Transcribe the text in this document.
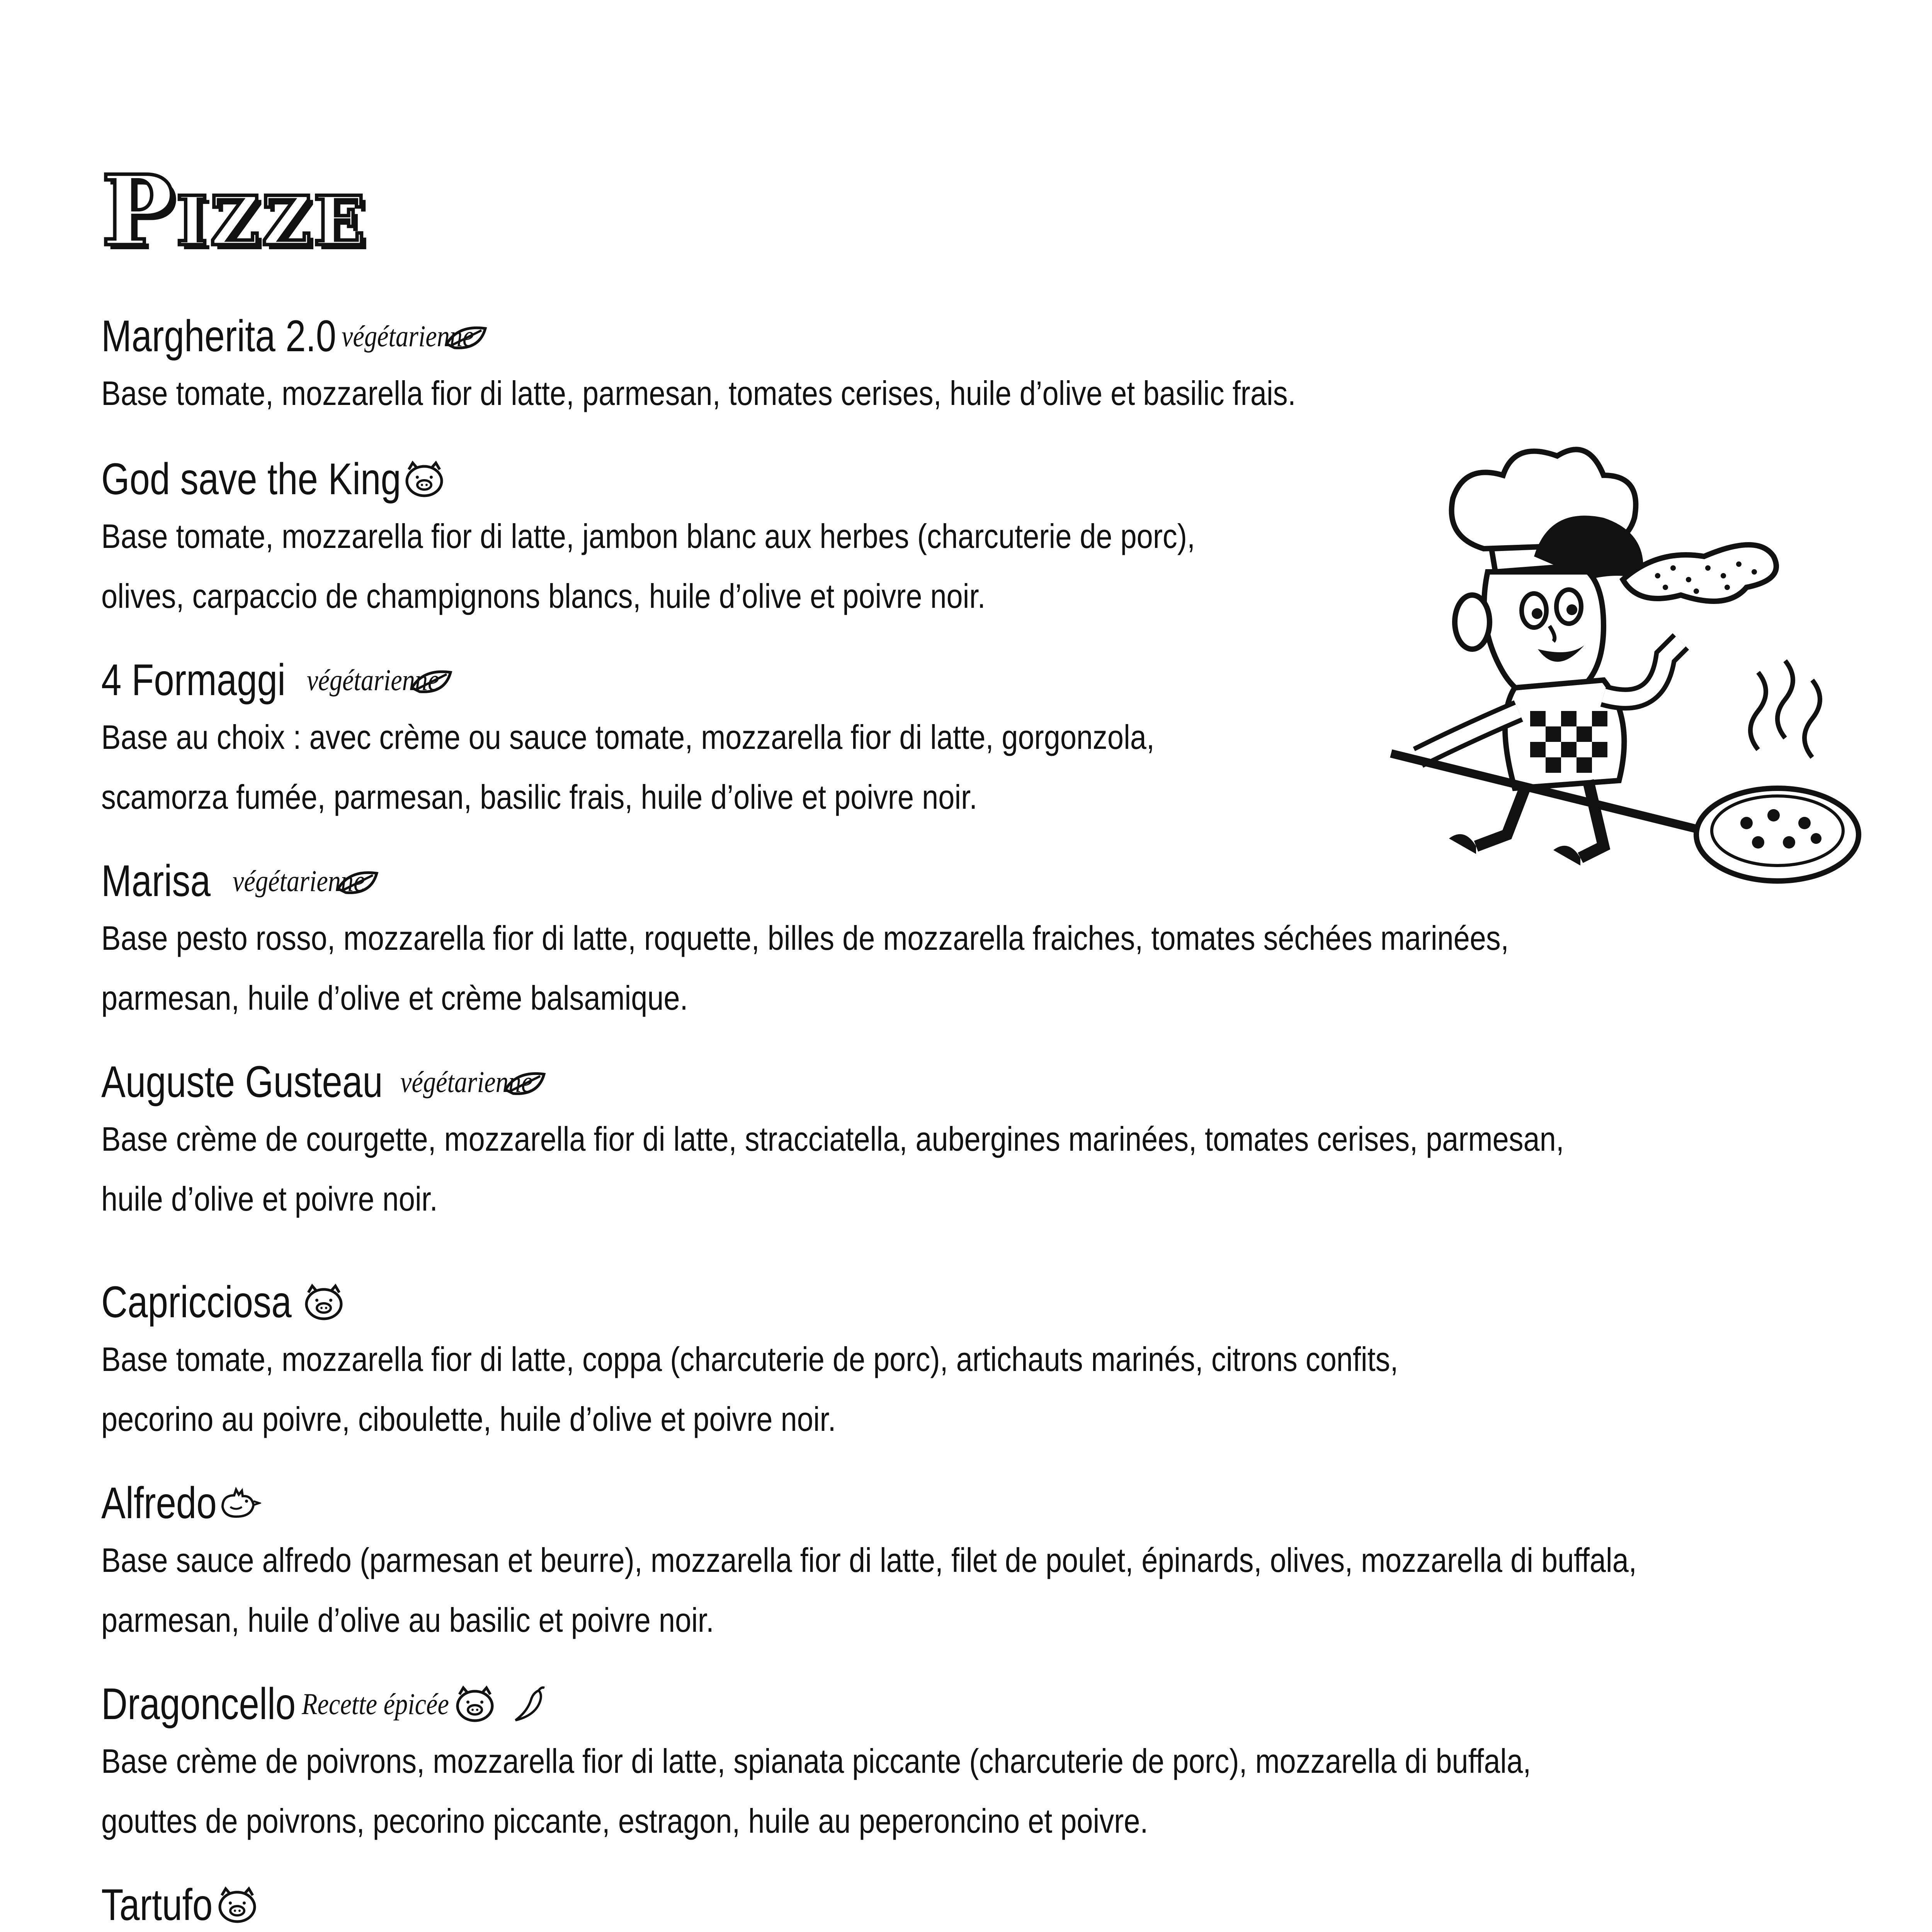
Pizze
Margherita 2.0 végétarienne
Base tomate, mozzarella fior di latte, parmesan, tomates cerises, huile d’olive et basilic frais.
God save the King
Base tomate, mozzarella fior di latte, jambon blanc aux herbes (charcuterie de porc),
olives, carpaccio de champignons blancs, huile d’olive et poivre noir.
4 Formaggi végétarienne
Base au choix : avec crème ou sauce tomate, mozzarella fior di latte, gorgonzola,
scamorza fumée, parmesan, basilic frais, huile d’olive et poivre noir.
Marisa végétarienne
Base pesto rosso, mozzarella fior di latte, roquette, billes de mozzarella fraiches, tomates séchées marinées,
parmesan, huile d’olive et crème balsamique.
Auguste Gusteau végétarienne
Base crème de courgette, mozzarella fior di latte, stracciatella, aubergines marinées, tomates cerises, parmesan,
huile d’olive et poivre noir.
Capricciosa
Base tomate, mozzarella fior di latte, coppa (charcuterie de porc), artichauts marinés, citrons confits,
pecorino au poivre, ciboulette, huile d’olive et poivre noir.
Alfredo
Base sauce alfredo (parmesan et beurre), mozzarella fior di latte, filet de poulet, épinards, olives, mozzarella di buffala,
parmesan, huile d’olive au basilic et poivre noir.
Dragoncello Recette épicée
Base crème de poivrons, mozzarella fior di latte, spianata piccante (charcuterie de porc), mozzarella di buffala,
gouttes de poivrons, pecorino piccante, estragon, huile au peperoncino et poivre.
Tartufo
